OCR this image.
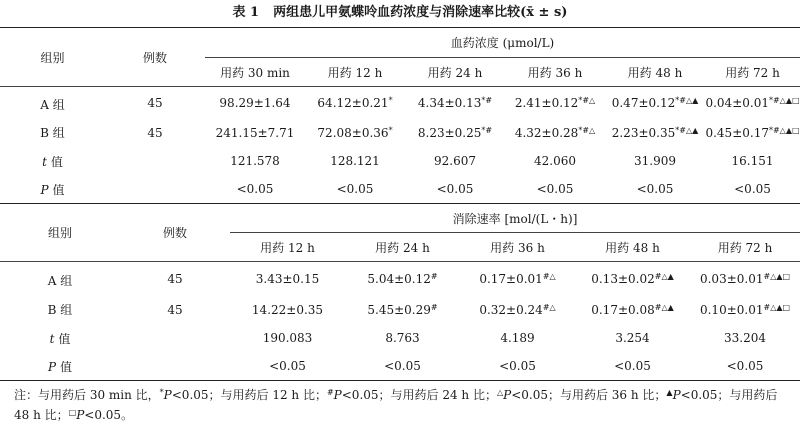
表 1 两组患儿甲氨蝶呤血药浓度与消除速率比较(x̄ ± s)
组别	例数	血药浓度 (μmol/L)					
		用药 30 min	用药 12 h	用药 24 h	用药 36 h	用药 48 h	用药 72 h
A 组	45	98.29±1.64	64.12±0.21*	4.34±0.13*#	2.41±0.12*#△	0.47±0.12*#△▲	0.04±0.01*#△▲□
B 组	45	241.15±7.71	72.08±0.36*	8.23±0.25*#	4.32±0.28*#△	2.23±0.35*#△▲	0.45±0.17*#△▲□
t 值		121.578	128.121	92.607	42.060	31.909	16.151
P 值		<0.05	<0.05	<0.05	<0.05	<0.05	<0.05
组别	例数	消除速率 [mol/(L・h)]				
		用药 12 h	用药 24 h	用药 36 h	用药 48 h	用药 72 h
A 组	45	3.43±0.15	5.04±0.12#	0.17±0.01#△	0.13±0.02#△▲	0.03±0.01#△▲□
B 组	45	14.22±0.35	5.45±0.29#	0.32±0.24#△	0.17±0.08#△▲	0.10±0.01#△▲□
t 值		190.083	8.763	4.189	3.254	33.204
P 值		<0.05	<0.05	<0.05	<0.05	<0.05
注：与用药后 30 min 比，*P<0.05；与用药后 12 h 比；#P<0.05；与用药后 24 h 比；△P<0.05；与用药后 36 h 比；▲P<0.05；与用药后
48 h 比；□P<0.05。
